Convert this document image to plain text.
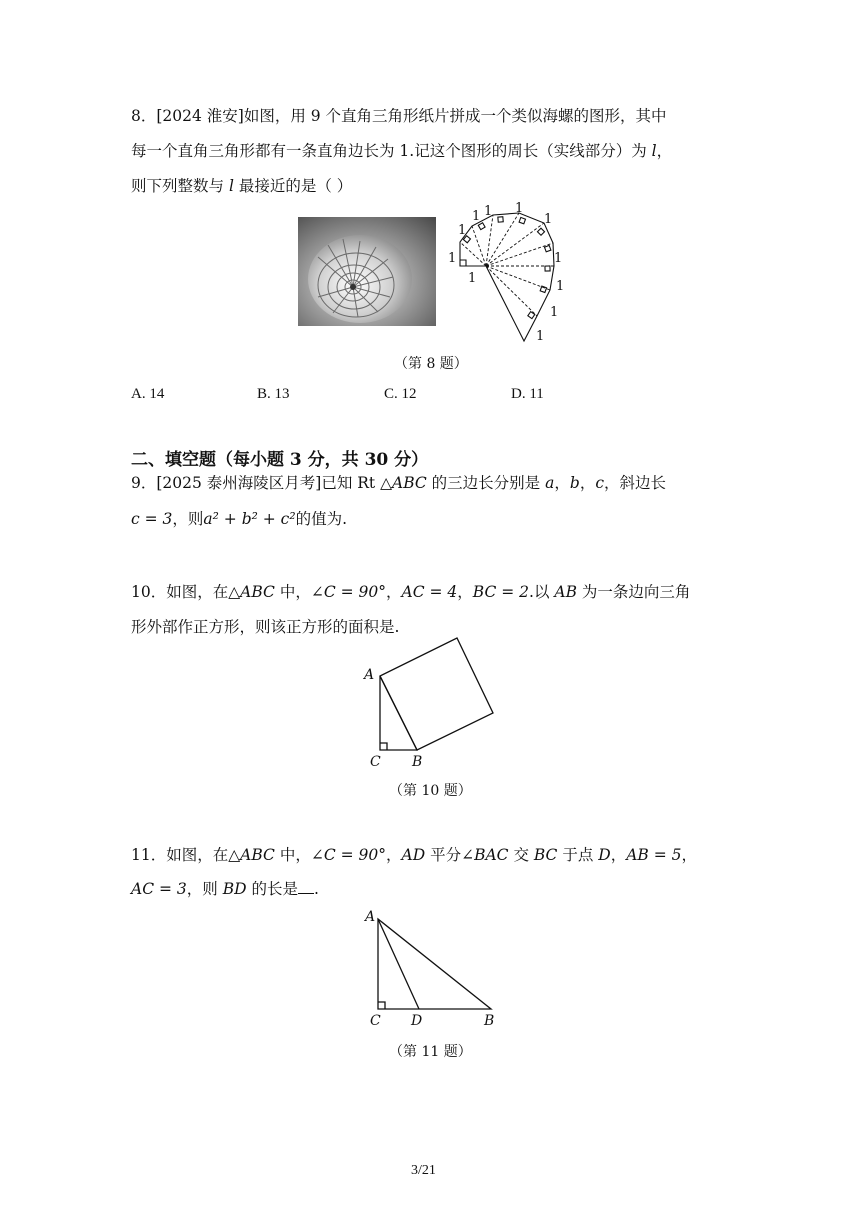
8．[2024 淮安]如图，用 9 个直角三角形纸片拼成一个类似海螺的图形，其中
每一个直角三角形都有一条直角边长为 1.记这个图形的周长（实线部分）为 l，
则下列整数与 l 最接近的是（ ）
1
1
1
1 1 1
1
1
1
1
1
（第 8 题）
A. 14	B. 13	C. 12	D. 11
二、填空题（每小题 3 分，共 30 分）
9．[2025 泰州海陵区月考]已知 Rt △ABC 的三边长分别是 a，b，c，斜边长
c = 3，则a² + b² + c²的值为.
10．如图，在△ABC 中，∠C = 90°，AC = 4，BC = 2.以 AB 为一条边向三角
形外部作正方形，则该正方形的面积是.
A
C B
（第 10 题）
11．如图，在△ABC 中，∠C = 90°，AD 平分∠BAC 交 BC 于点 D，AB = 5，
AC = 3，则 BD 的长是 .
A
C D	B
（第 11 题）
3/21
